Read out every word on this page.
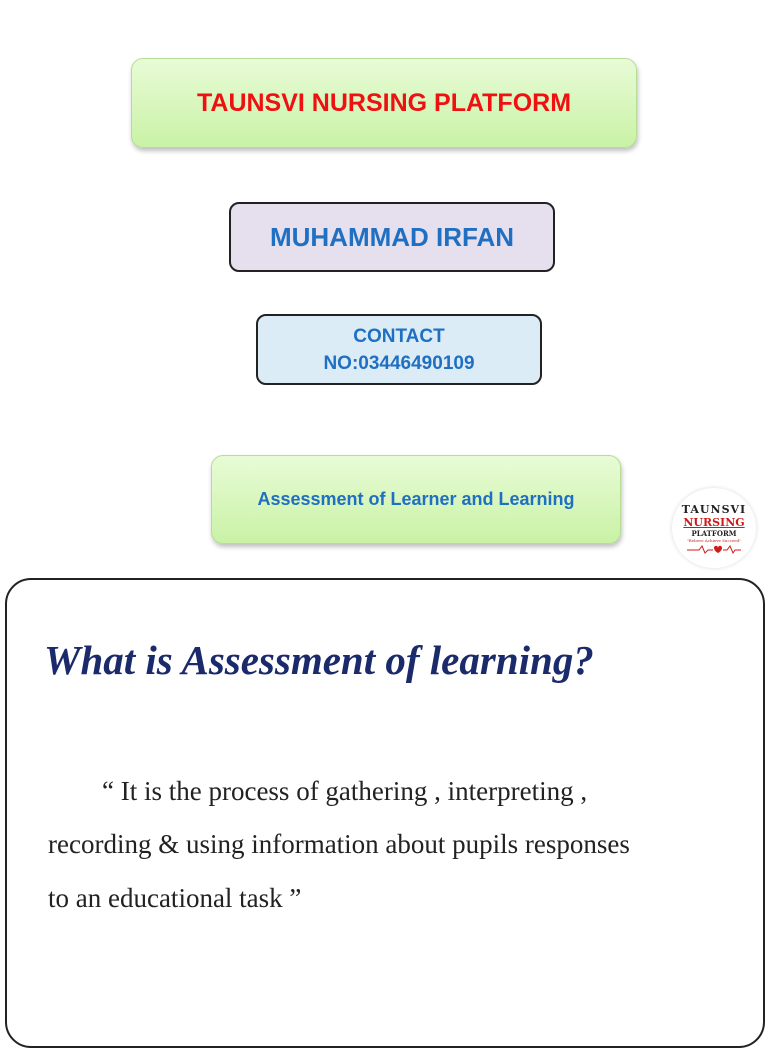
TAUNSVI NURSING PLATFORM
MUHAMMAD IRFAN
CONTACT
NO:03446490109
Assessment of Learner and Learning	TAUNSVI
NURSING
PLATFORM
"Believe Achieve Succeed"
What is Assessment of learning?
“ It is the process of gathering , interpreting ,
recording & using information about pupils responses
to an educational task ”
